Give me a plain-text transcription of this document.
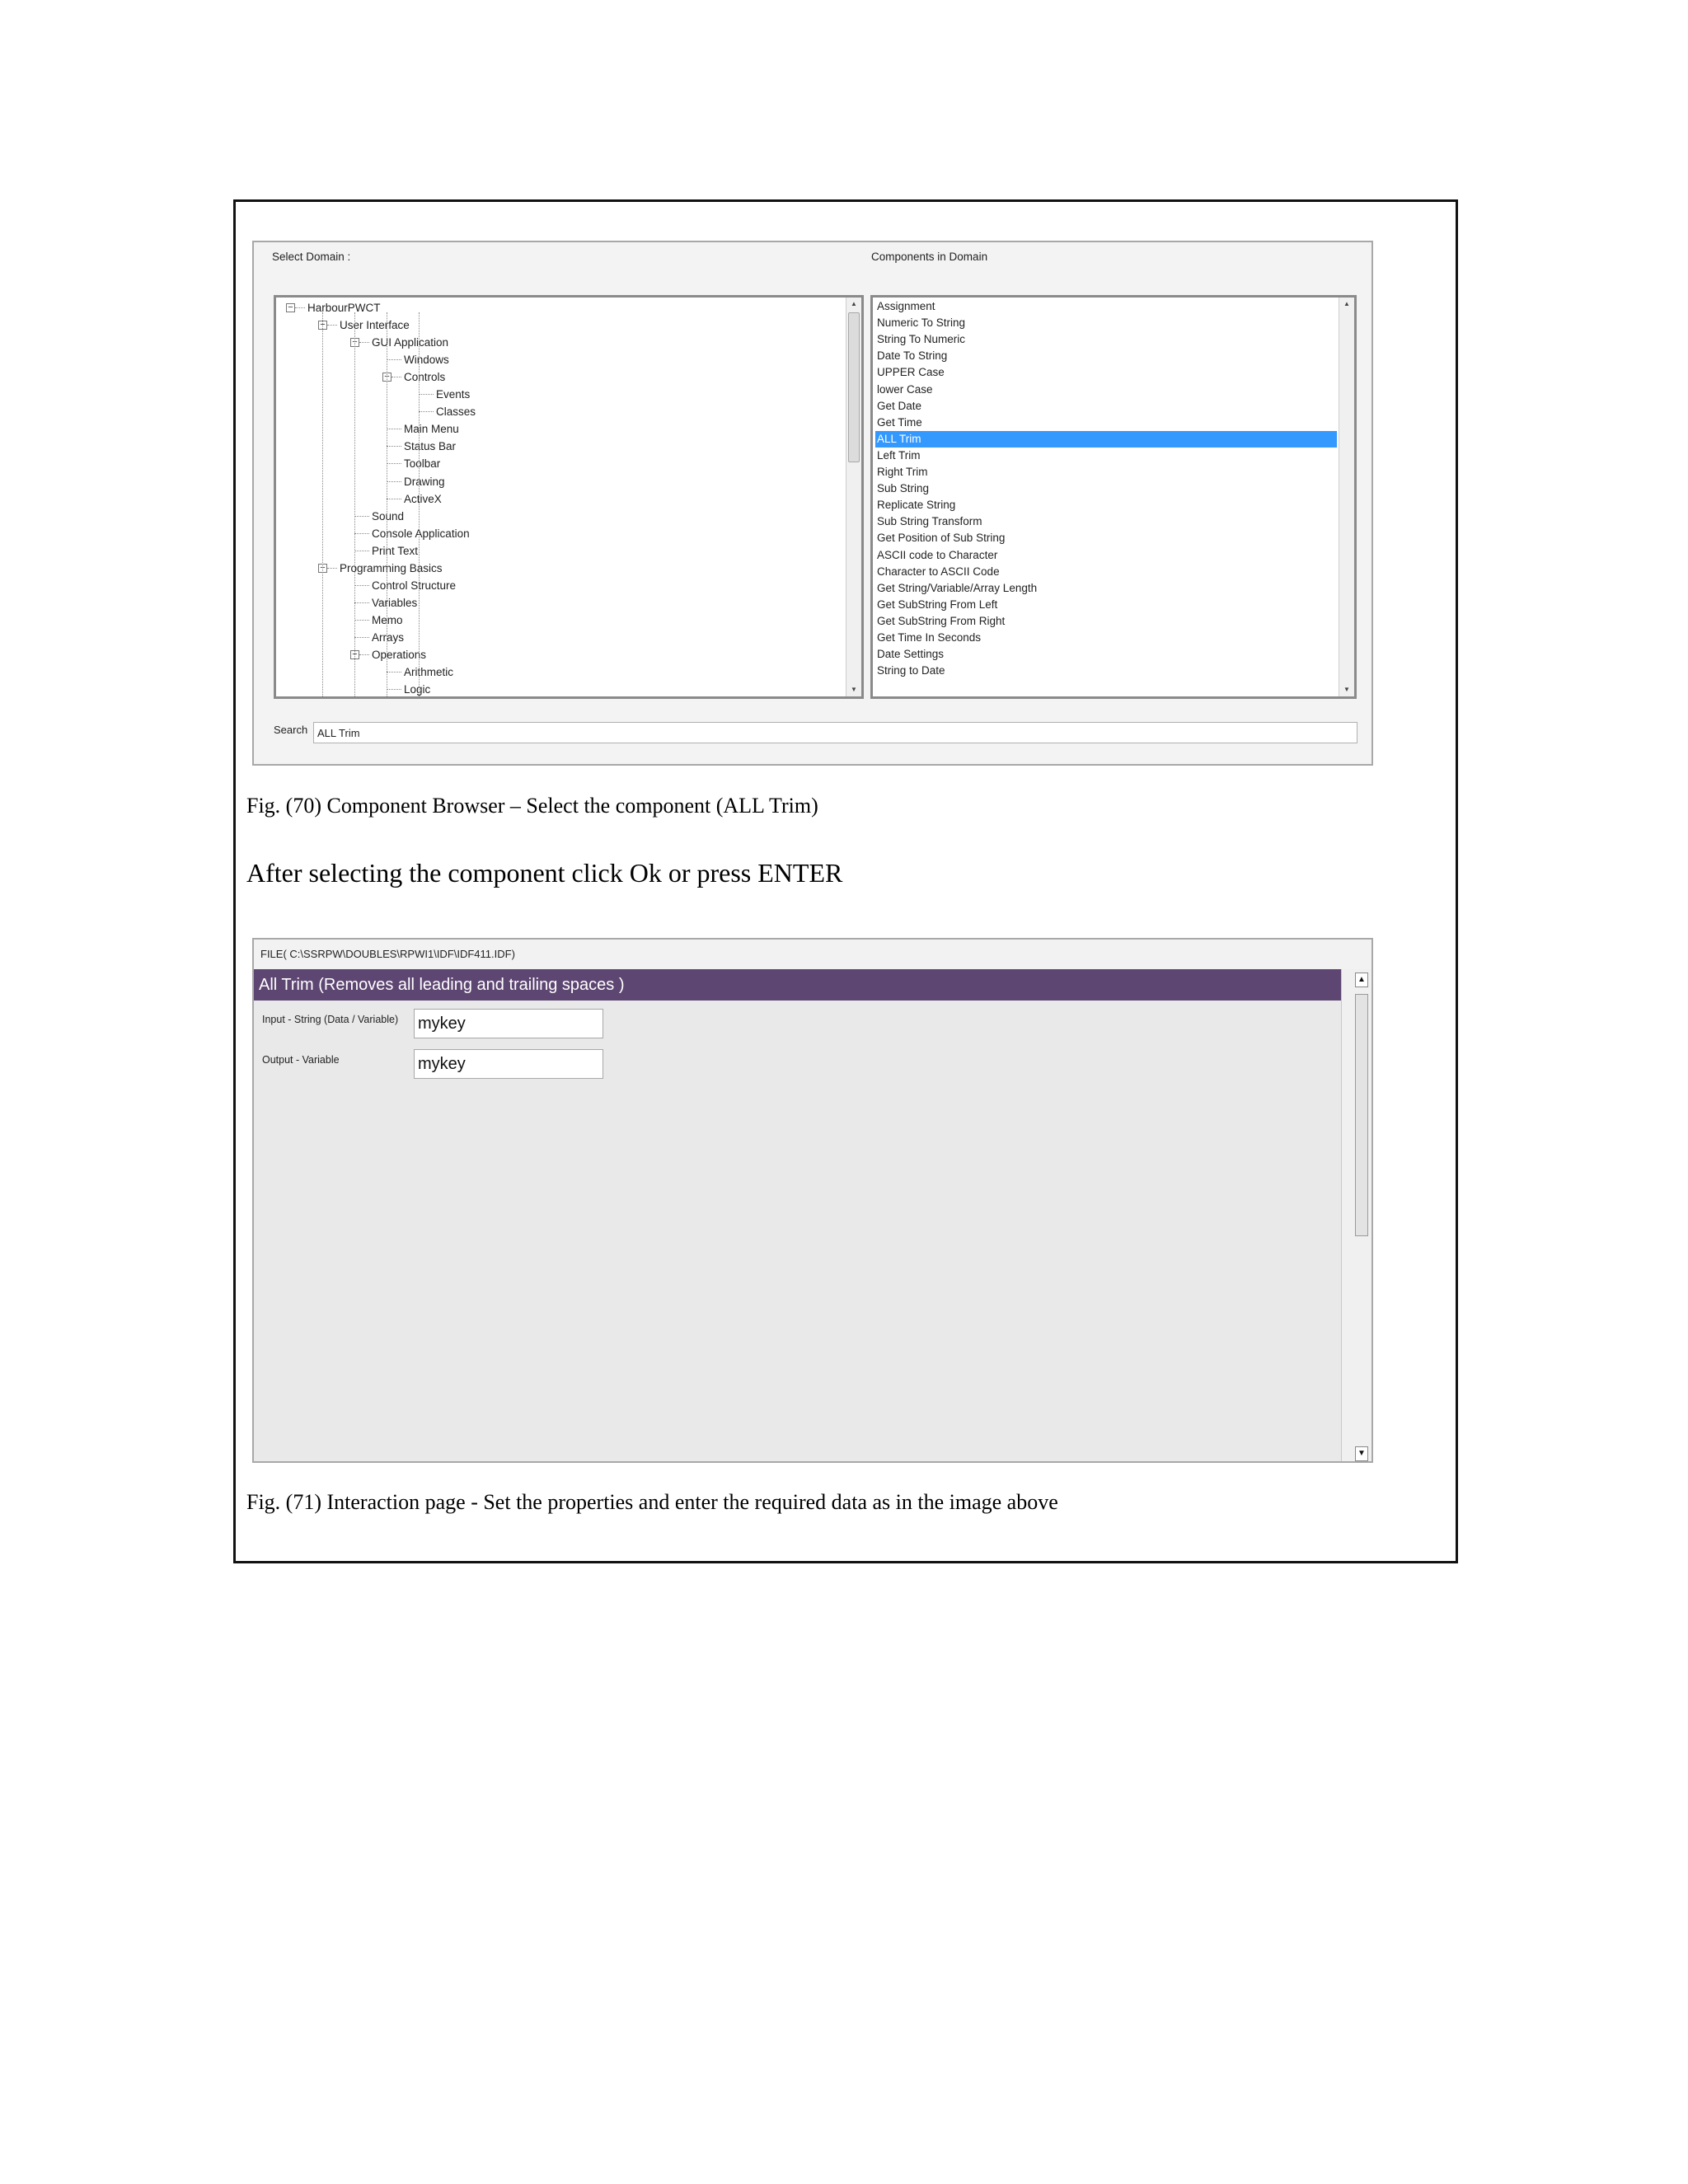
Select Domain :	Components in Domain
− HarbourPWCT
− User Interface
− GUI Application
Windows
− Controls
Events
Classes
Main Menu
Status Bar
Toolbar
Drawing
ActiveX
Sound
Console Application
Print Text
− Programming Basics
Control Structure
Variables
Memo
Arrays
− Operations
Arithmetic
Logic
▲
▼
Assignment
Numeric To String
String To Numeric
Date To String
UPPER Case
lower Case
Get Date
Get Time
ALL Trim
Left Trim
Right Trim
Sub String
Replicate String
Sub String Transform
Get Position of Sub String
ASCII code to Character
Character to ASCII Code
Get String/Variable/Array Length
Get SubString From Left
Get SubString From Right
Get Time In Seconds
Date Settings
String to Date
▲
▼
Search
ALL Trim
Fig. (70) Component Browser – Select the component (ALL Trim)
After selecting the component click Ok or press ENTER
FILE( C:\SSRPW\DOUBLES\RPWI1\IDF\IDF411.IDF)
All Trim (Removes all leading and trailing spaces )
Input - String (Data / Variable)
mykey
Output - Variable
mykey
▲
▼
Fig. (71) Interaction page - Set the properties and enter the required data as in the image above
